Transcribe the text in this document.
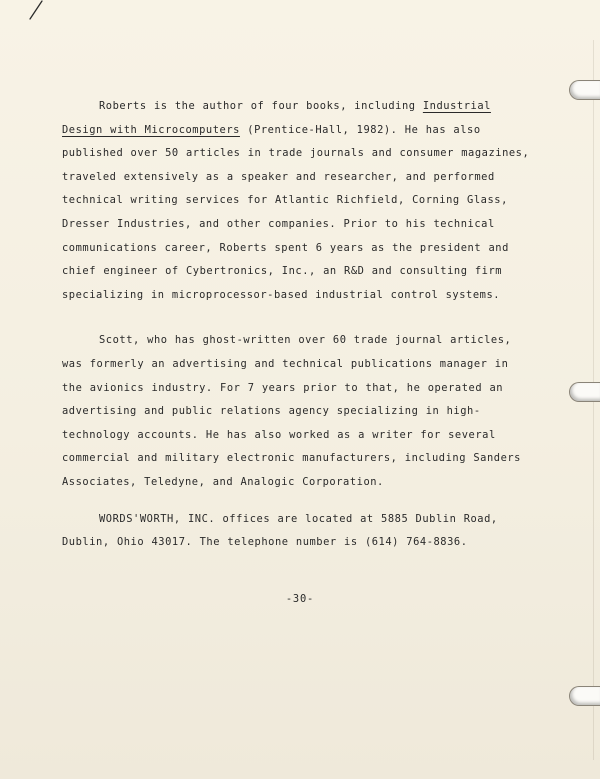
Roberts is the author of four books, including Industrial Design with Microcomputers (Prentice-Hall, 1982). He has also published over 50 articles in trade journals and consumer magazines, traveled extensively as a speaker and researcher, and performed technical writing services for Atlantic Richfield, Corning Glass, Dresser Industries, and other companies. Prior to his technical communications career, Roberts spent 6 years as the president and chief engineer of Cybertronics, Inc., an R&D and consulting firm specializing in microprocessor-based industrial control systems.

Scott, who has ghost-written over 60 trade journal articles, was formerly an advertising and technical publications manager in the avionics industry. For 7 years prior to that, he operated an advertising and public relations agency specializing in high-technology accounts. He has also worked as a writer for several commercial and military electronic manufacturers, including Sanders Associates, Teledyne, and Analogic Corporation.

WORDS'WORTH, INC. offices are located at 5885 Dublin Road, Dublin, Ohio 43017. The telephone number is (614) 764-8836.

-30-
